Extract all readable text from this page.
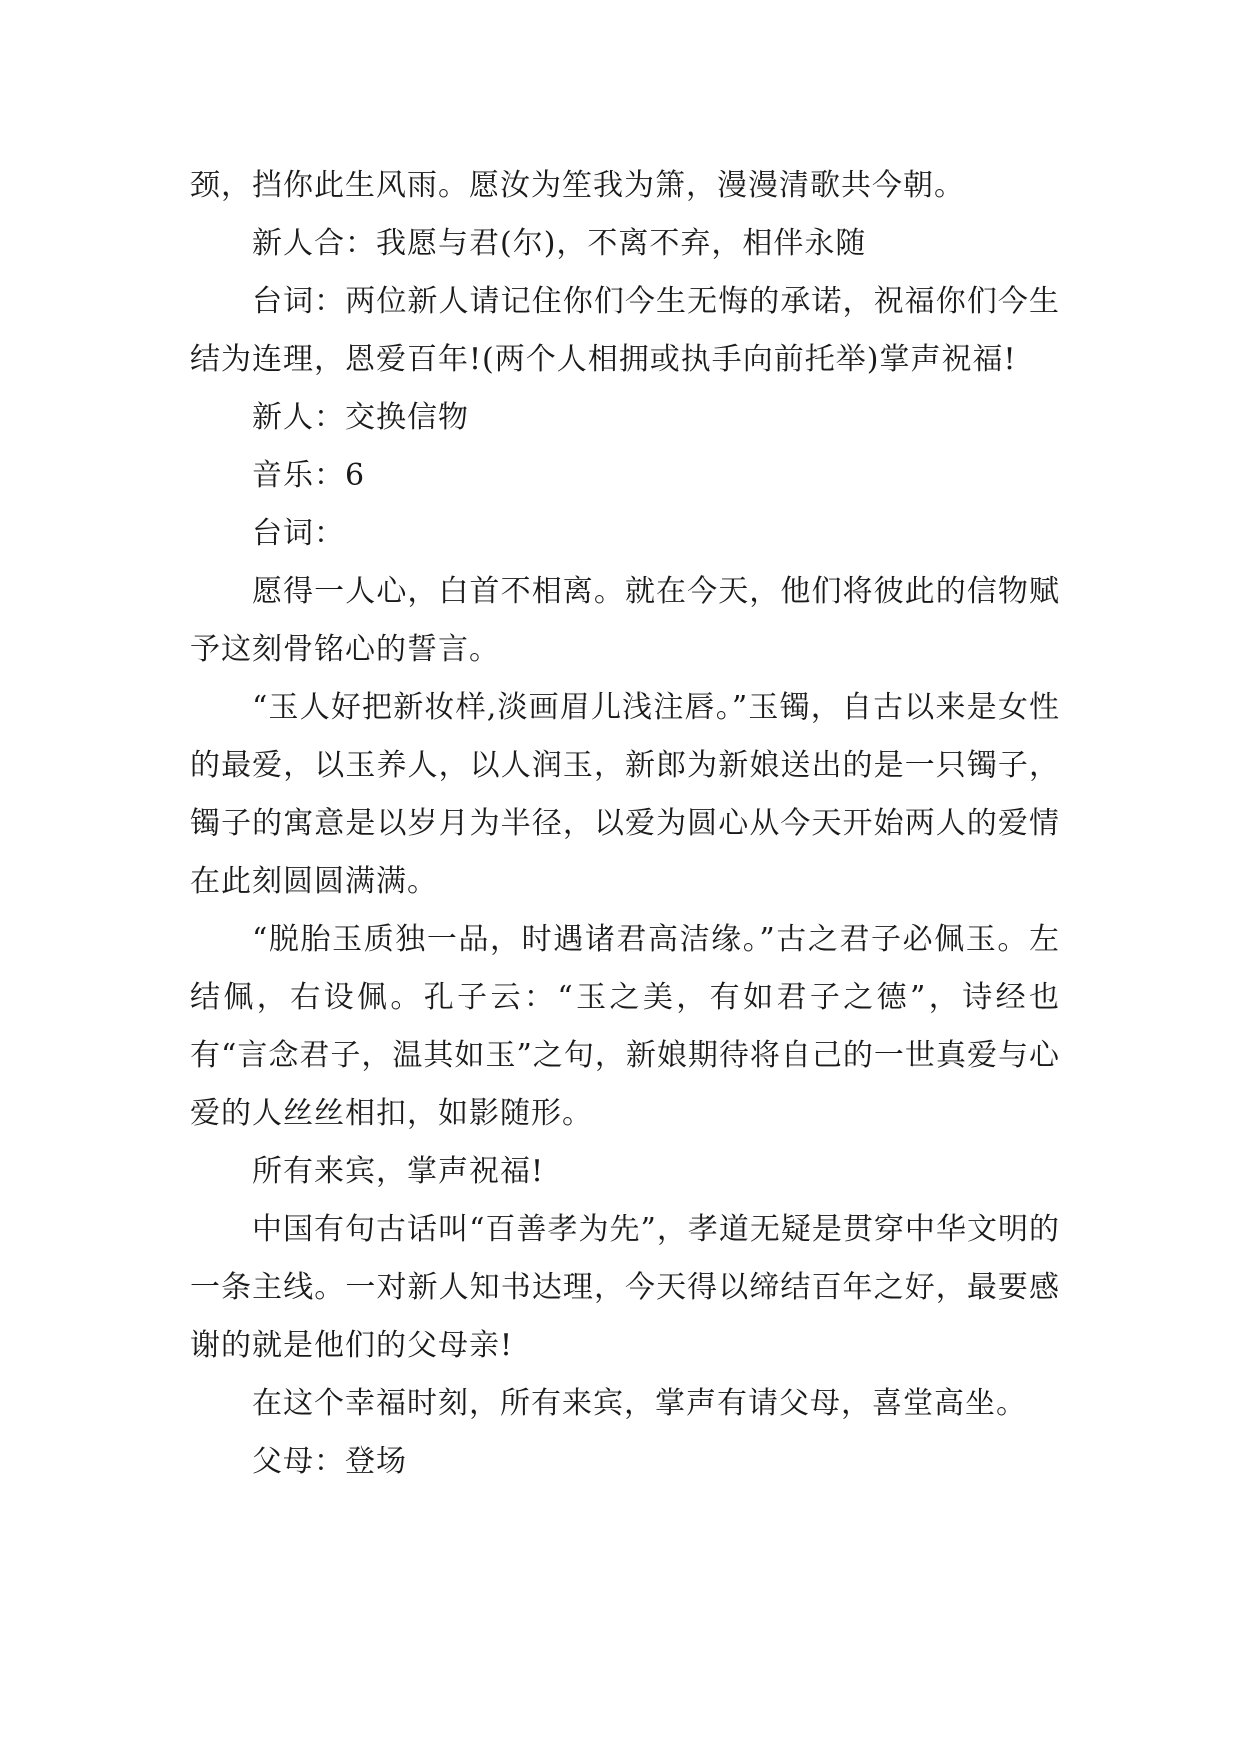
颈，挡你此生风雨。愿汝为笙我为箫，漫漫清歌共今朝。

新人合：我愿与君(尔)，不离不弃，相伴永随

台词：两位新人请记住你们今生无悔的承诺，祝福你们今生结为连理，恩爱百年!(两个人相拥或执手向前托举)掌声祝福!

新人：交换信物

音乐：6

台词：

愿得一人心，白首不相离。就在今天，他们将彼此的信物赋予这刻骨铭心的誓言。

“玉人好把新妆样,淡画眉儿浅注唇。”玉镯，自古以来是女性的最爱，以玉养人，以人润玉，新郎为新娘送出的是一只镯子，镯子的寓意是以岁月为半径，以爱为圆心从今天开始两人的爱情在此刻圆圆满满。

“脱胎玉质独一品，时遇诸君高洁缘。”古之君子必佩玉。左结佩，右设佩。孔子云：“玉之美，有如君子之德”，诗经也有“言念君子，温其如玉”之句，新娘期待将自己的一世真爱与心爱的人丝丝相扣，如影随形。

所有来宾，掌声祝福!

中国有句古话叫“百善孝为先”，孝道无疑是贯穿中华文明的一条主线。一对新人知书达理，今天得以缔结百年之好，最要感谢的就是他们的父母亲!

在这个幸福时刻，所有来宾，掌声有请父母，喜堂高坐。

父母：登场
